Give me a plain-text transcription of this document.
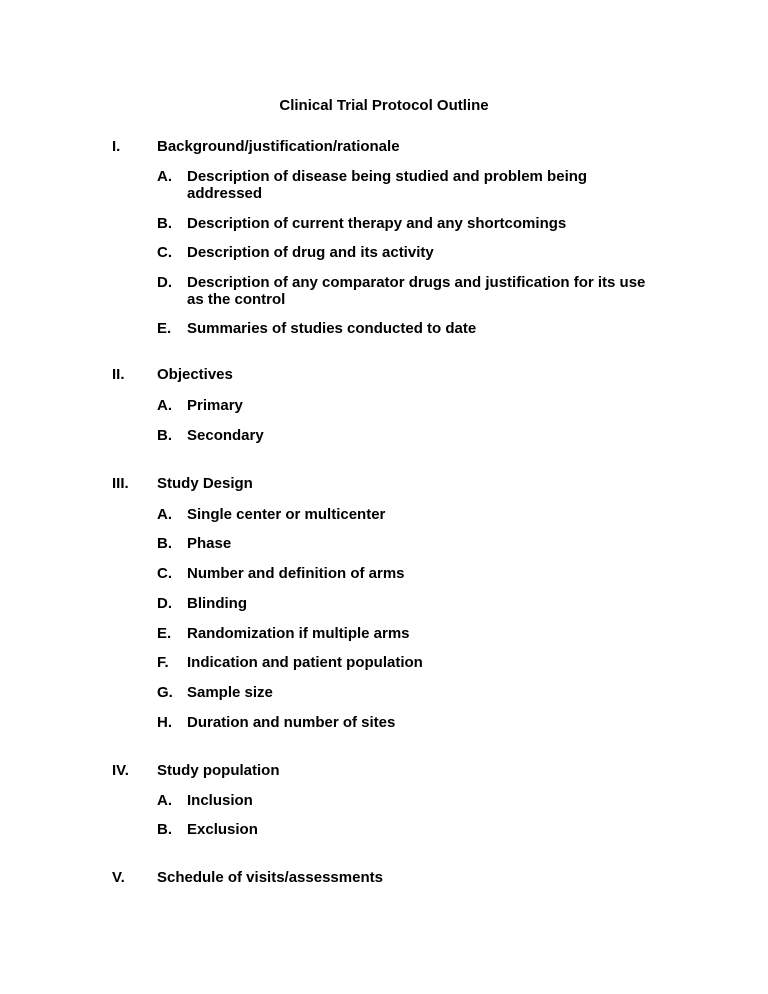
Clinical Trial Protocol Outline
I. Background/justification/rationale
A. Description of disease being studied and problem being addressed
B. Description of current therapy and any shortcomings
C. Description of drug and its activity
D. Description of any comparator drugs and justification for its use as the control
E. Summaries of studies conducted to date
II. Objectives
A. Primary
B. Secondary
III. Study Design
A. Single center or multicenter
B. Phase
C. Number and definition of arms
D. Blinding
E. Randomization if multiple arms
F. Indication and patient population
G. Sample size
H. Duration and number of sites
IV. Study population
A. Inclusion
B. Exclusion
V. Schedule of visits/assessments
